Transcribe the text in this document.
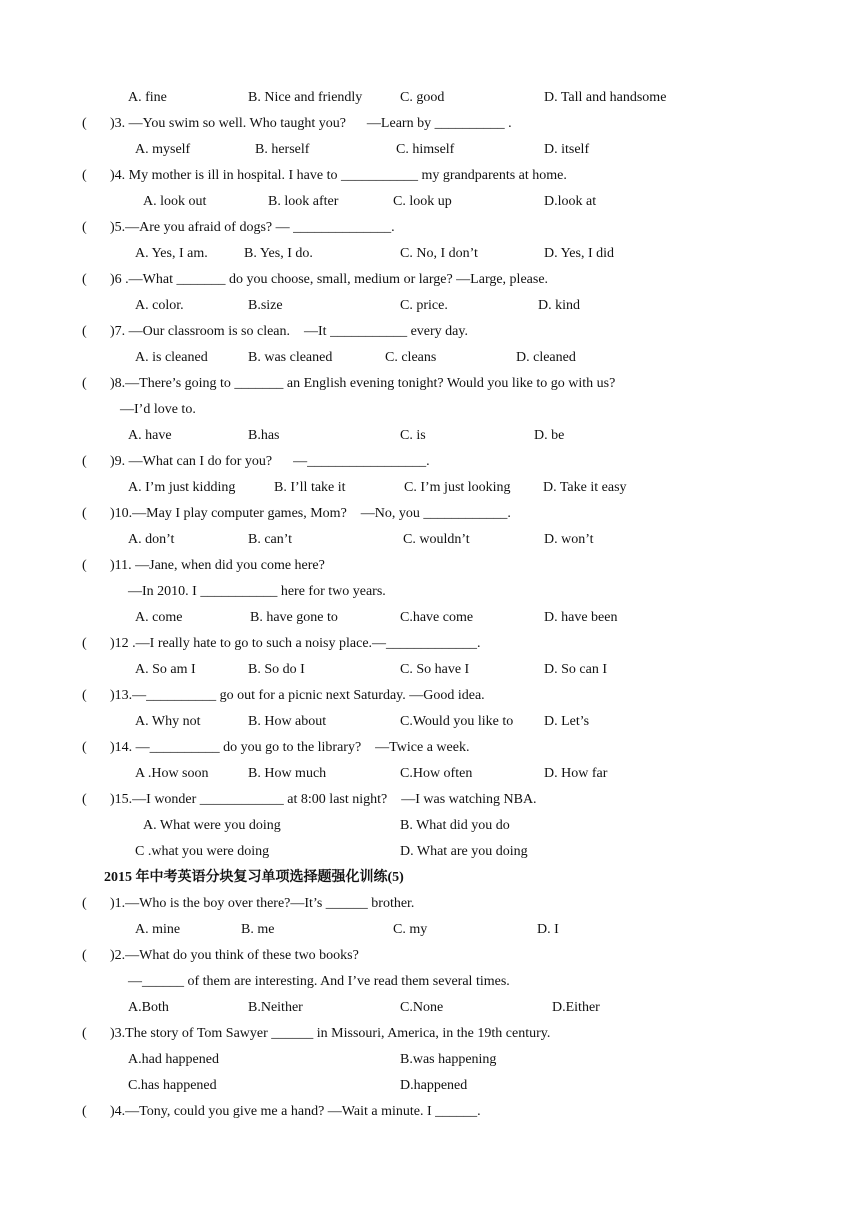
A. fine	B. Nice and friendly	C. good	D. Tall and handsome
( )3. —You swim so well. Who taught you?      —Learn by __________ .
A. myself	B. herself	C. himself	D. itself
( )4. My mother is ill in hospital. I have to ___________ my grandparents at home.
A. look out	B. look after	C. look up	D.look at
( )5.—Are you afraid of dogs? — ______________.
A. Yes, I am.	B. Yes, I do.	C. No, I don’t	D. Yes, I did
( )6 .—What _______ do you choose, small, medium or large? —Large, please.
A. color.	B.size	C. price.	D. kind
( )7. —Our classroom is so clean.    —It ___________ every day.
A. is cleaned	B. was cleaned	C. cleans	D. cleaned
( )8.—There’s going to _______ an English evening tonight? Would you like to go with us?
—I’d love to.
A. have	B.has	C. is	D. be
( )9. —What can I do for you?      —_________________.
A. I’m just kidding	B. I’ll take it	C. I’m just looking D. Take it easy
( )10.—May I play computer games, Mom?    —No, you ____________.
A. don’t	B. can’t	C. wouldn’t	D. won’t
( )11. —Jane, when did you come here?
—In 2010. I ___________ here for two years.
A. come	B. have gone to	C.have come	D. have been
( )12 .—I really hate to go to such a noisy place.—_____________.
A. So am I	B. So do I	C. So have I	D. So can I
( )13.—__________ go out for a picnic next Saturday. —Good idea.
A. Why not	B. How about	C.Would you like to D. Let’s
( )14. —__________ do you go to the library?    —Twice a week.
A .How soon	B. How much	C.How often	D. How far
( )15.—I wonder ____________ at 8:00 last night?    —I was watching NBA.
A. What were you doing	B. What did you do
C .what you were doing	D. What are you doing
2015 年中考英语分块复习单项选择题强化训练(5)
( )1.—Who is the boy over there?—It’s ______ brother.
A. mine	B. me	C. my	D. I
( )2.—What do you think of these two books?
—______ of them are interesting. And I’ve read them several times.
A.Both	B.Neither	C.None	D.Either
( )3.The story of Tom Sawyer ______ in Missouri, America, in the 19th century.
A.had happened	B.was happening
C.has happened	D.happened
( )4.—Tony, could you give me a hand? —Wait a minute. I ______.
